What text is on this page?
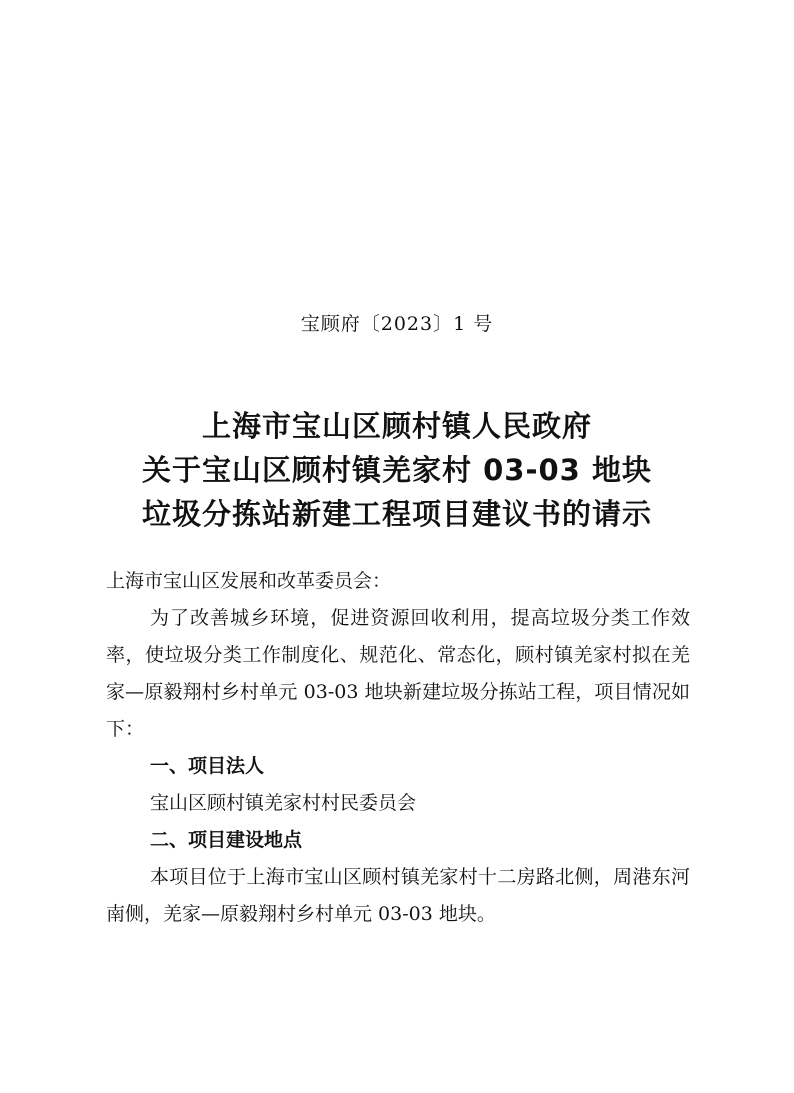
宝顾府〔2023〕1 号
上海市宝山区顾村镇人民政府
关于宝山区顾村镇羌家村 03-03 地块
垃圾分拣站新建工程项目建议书的请示

上海市宝山区发展和改革委员会：

为了改善城乡环境，促进资源回收利用，提高垃圾分类工作效率，使垃圾分类工作制度化、规范化、常态化，顾村镇羌家村拟在羌家—原毅翔村乡村单元 03-03 地块新建垃圾分拣站工程，项目情况如下：

一、项目法人

宝山区顾村镇羌家村村民委员会

二、项目建设地点

本项目位于上海市宝山区顾村镇羌家村十二房路北侧，周港东河 南侧，羌家—原毅翔村乡村单元 03-03 地块。
